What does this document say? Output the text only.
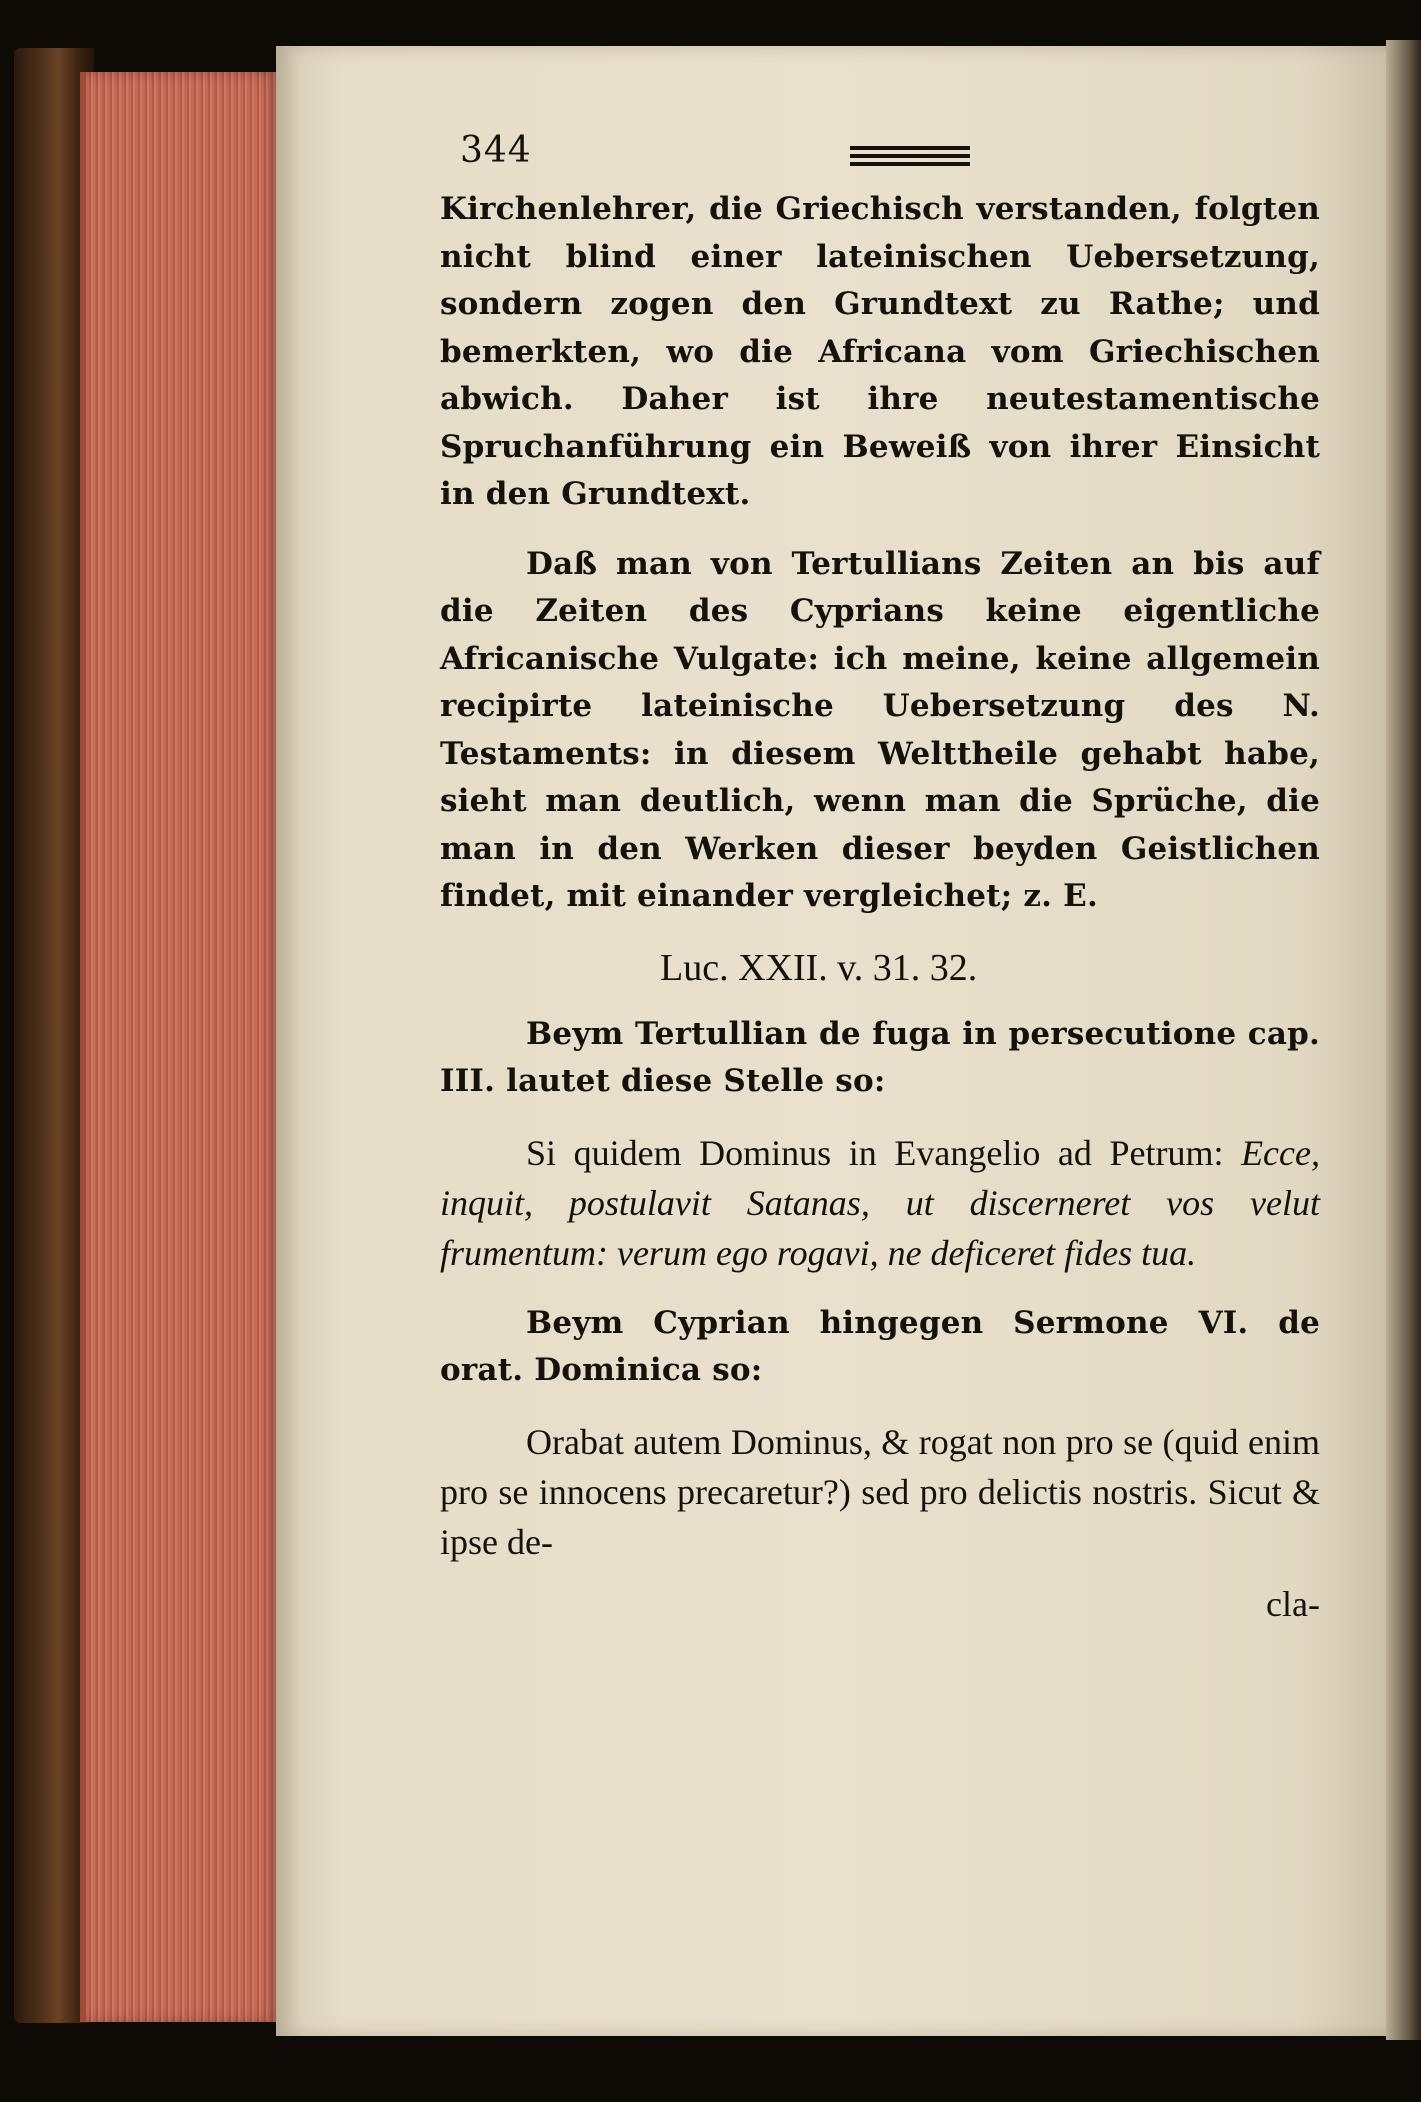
344

Kirchenlehrer, die Griechisch verstanden, folgten nicht blind einer lateinischen Uebersetzung, sondern zogen den Grundtext zu Rathe; und bemerkten, wo die Africana vom Griechischen abwich. Daher ist ihre neutestamentische Spruchanführung ein Beweiß von ihrer Einsicht in den Grundtext.

Daß man von Tertullians Zeiten an bis auf die Zeiten des Cyprians keine eigentliche Africanische Vulgate: ich meine, keine allgemein recipirte lateinische Uebersetzung des N. Testaments: in diesem Welttheile gehabt habe, sieht man deutlich, wenn man die Sprüche, die man in den Werken dieser beyden Geistlichen findet, mit einander vergleichet; z. E.

Luc. XXII. v. 31. 32.

Beym Tertullian de fuga in persecutione cap. III. lautet diese Stelle so:

Si quidem Dominus in Evangelio ad Petrum: Ecce, inquit, postulavit Satanas, ut discerneret vos velut frumentum: verum ego rogavi, ne deficeret fides tua.

Beym Cyprian hingegen Sermone VI. de orat. Dominica so:

Orabat autem Dominus, & rogat non pro se (quid enim pro se innocens precaretur?) sed pro delictis nostris. Sicut & ipse de-

cla-
